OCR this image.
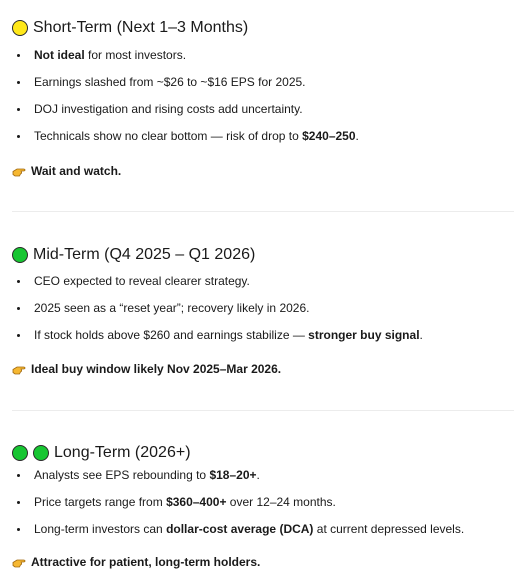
Short-Term (Next 1–3 Months)
Not ideal for most investors.
Earnings slashed from ~$26 to ~$16 EPS for 2025.
DOJ investigation and rising costs add uncertainty.
Technicals show no clear bottom — risk of drop to $240–250.
Wait and watch.
Mid-Term (Q4 2025 – Q1 2026)
CEO expected to reveal clearer strategy.
2025 seen as a “reset year”; recovery likely in 2026.
If stock holds above $260 and earnings stabilize — stronger buy signal.
Ideal buy window likely Nov 2025–Mar 2026.
Long-Term (2026+)
Analysts see EPS rebounding to $18–20+.
Price targets range from $360–400+ over 12–24 months.
Long-term investors can dollar-cost average (DCA) at current depressed levels.
Attractive for patient, long-term holders.
